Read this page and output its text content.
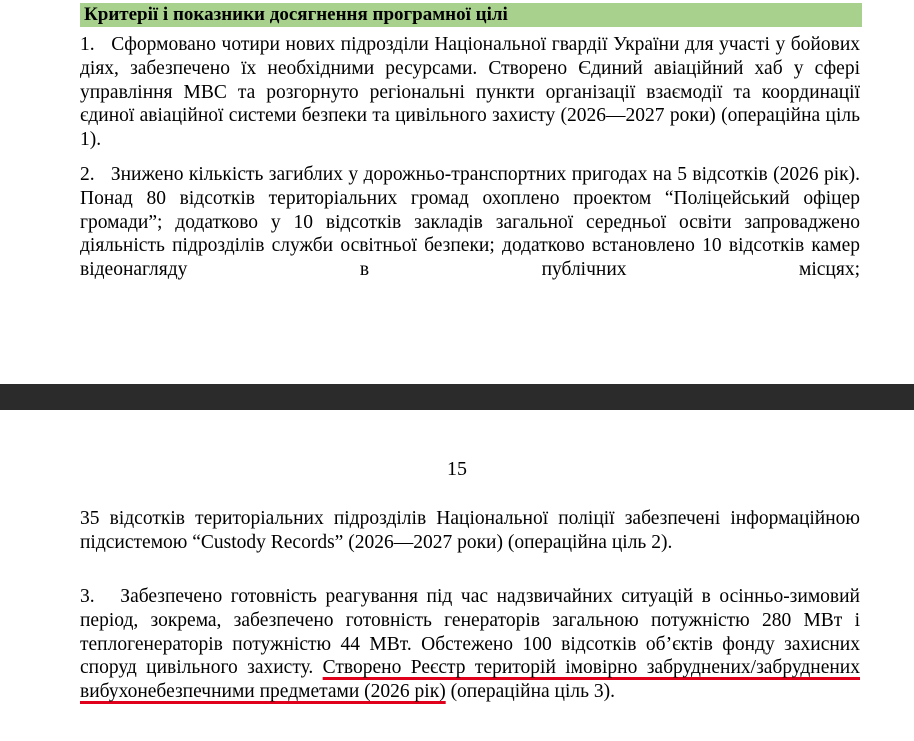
Критерії і показники досягнення програмної цілі
1.   Сформовано чотири нових підрозділи Національної гвардії України для участі у бойових діях, забезпечено їх необхідними ресурсами. Створено Єдиний авіаційний хаб у сфері управління МВС та розгорнуто регіональні пункти організації взаємодії та координації єдиної авіаційної системи безпеки та цивільного захисту (2026—2027 роки) (операційна ціль 1).
2.   Знижено кількість загиблих у дорожньо-транспортних пригодах на 5 відсотків (2026 рік). Понад 80 відсотків територіальних громад охоплено проектом “Поліцейський офіцер громади”; додатково у 10 відсотків закладів загальної середньої освіти запроваджено діяльність підрозділів служби освітньої безпеки; додатково встановлено 10 відсотків камер відеонагляду в публічних місцях;
15
35 відсотків територіальних підрозділів Національної поліції забезпечені інформаційною підсистемою “Custody Records” (2026—2027 роки) (операційна ціль 2).
3.   Забезпечено готовність реагування під час надзвичайних ситуацій в осінньо-зимовий період, зокрема, забезпечено готовність генераторів загальною потужністю 280 МВт і теплогенераторів потужністю 44 МВт. Обстежено 100 відсотків об’єктів фонду захисних споруд цивільного захисту. Створено Реєстр територій імовірно забруднених/забруднених вибухонебезпечними предметами (2026 рік) (операційна ціль 3).
